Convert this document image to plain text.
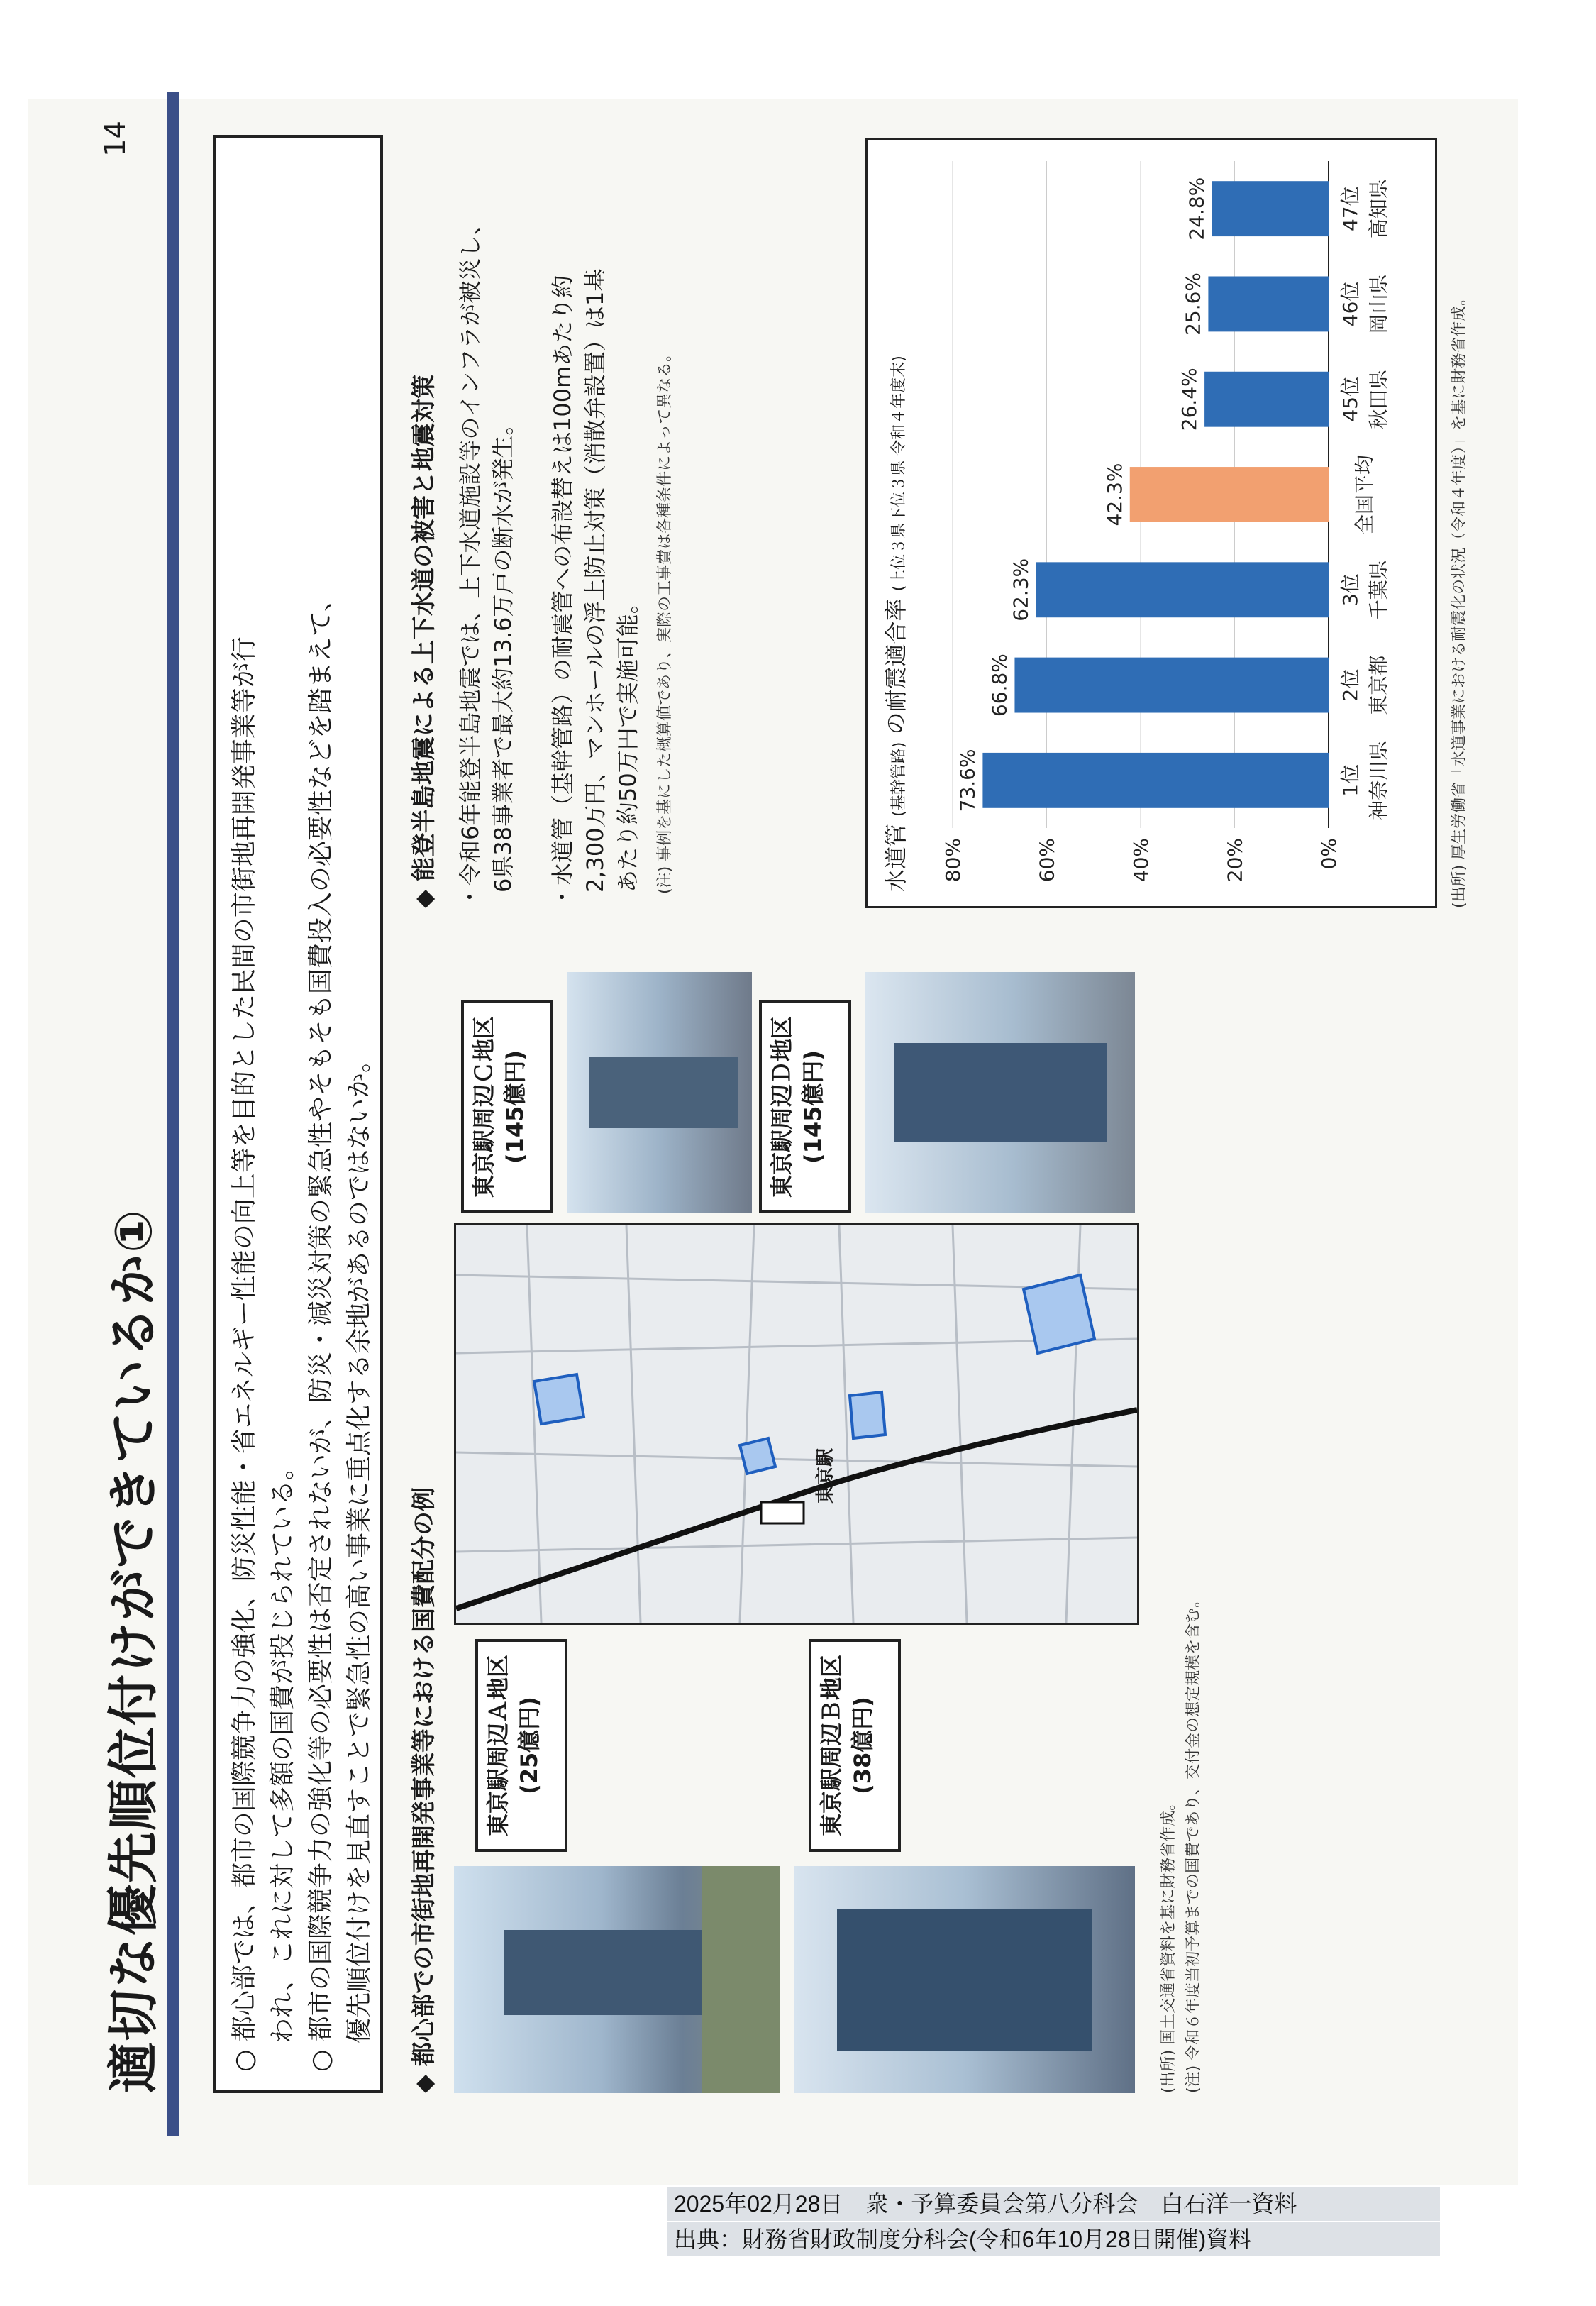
適切な優先順位付けができているか①
14
○ 都心部では、都市の国際競争力の強化、防災性能・省エネルギー性能の向上等を目的とした民間の市街地再開発事業等が行 われ、これに対して多額の国費が投じられている。 ○ 都市の国際競争力の強化等の必要性は否定されないが、防災・減災対策の緊急性やそもそも国費投入の必要性などを踏まえて、 優先順位付けを見直すことで緊急性の高い事業に重点化する余地があるのではないか。 ◆ 都心部での市街地再開発事業等における国費配分の例 東京駅周辺Ａ地区 (25億円)	東京駅周辺Ｂ地区 (38億円)
東京駅
東京駅周辺Ｃ地区 (145億円)	東京駅周辺Ｄ地区 (145億円)
(出所) 国土交通省資料を基に財務省作成。 (注) 令和６年度当初予算までの国費であり、交付金の想定規模を含む。
◆ 能登半島地震による上下水道の被害と地震対策 ・令和6年能登半島地震では、上下水道施設等のインフラが被災し、 6県38事業者で最大約13.6万戸の断水が発生。 ・水道管（基幹管路）の耐震管への布設替えは100mあたり約 2,300万円、マンホールの浮上防止対策（消散弁設置）は1基 あたり約50万円で実施可能。 (注) 事例を基にした概算値であり、実際の工事費は各種条件によって異なる。	水道管 (基幹管路) の耐震適合率 (上位３県下位３県 令和４年度末)
0%
20%
40%
60%
80%
73.6%	1位 神奈川県
66.8%	2位 東京都
62.3%	3位 千葉県
42.3%	全国平均
26.4%	45位 秋田県
25.6%	46位 岡山県
24.8%	47位 高知県
(出所) 厚生労働省「水道事業における耐震化の状況（令和４年度）」を基に財務省作成。
2025年02月28日　衆・予算委員会第八分科会　白石洋一資料
出典：財務省財政制度分科会(令和6年10月28日開催)資料
